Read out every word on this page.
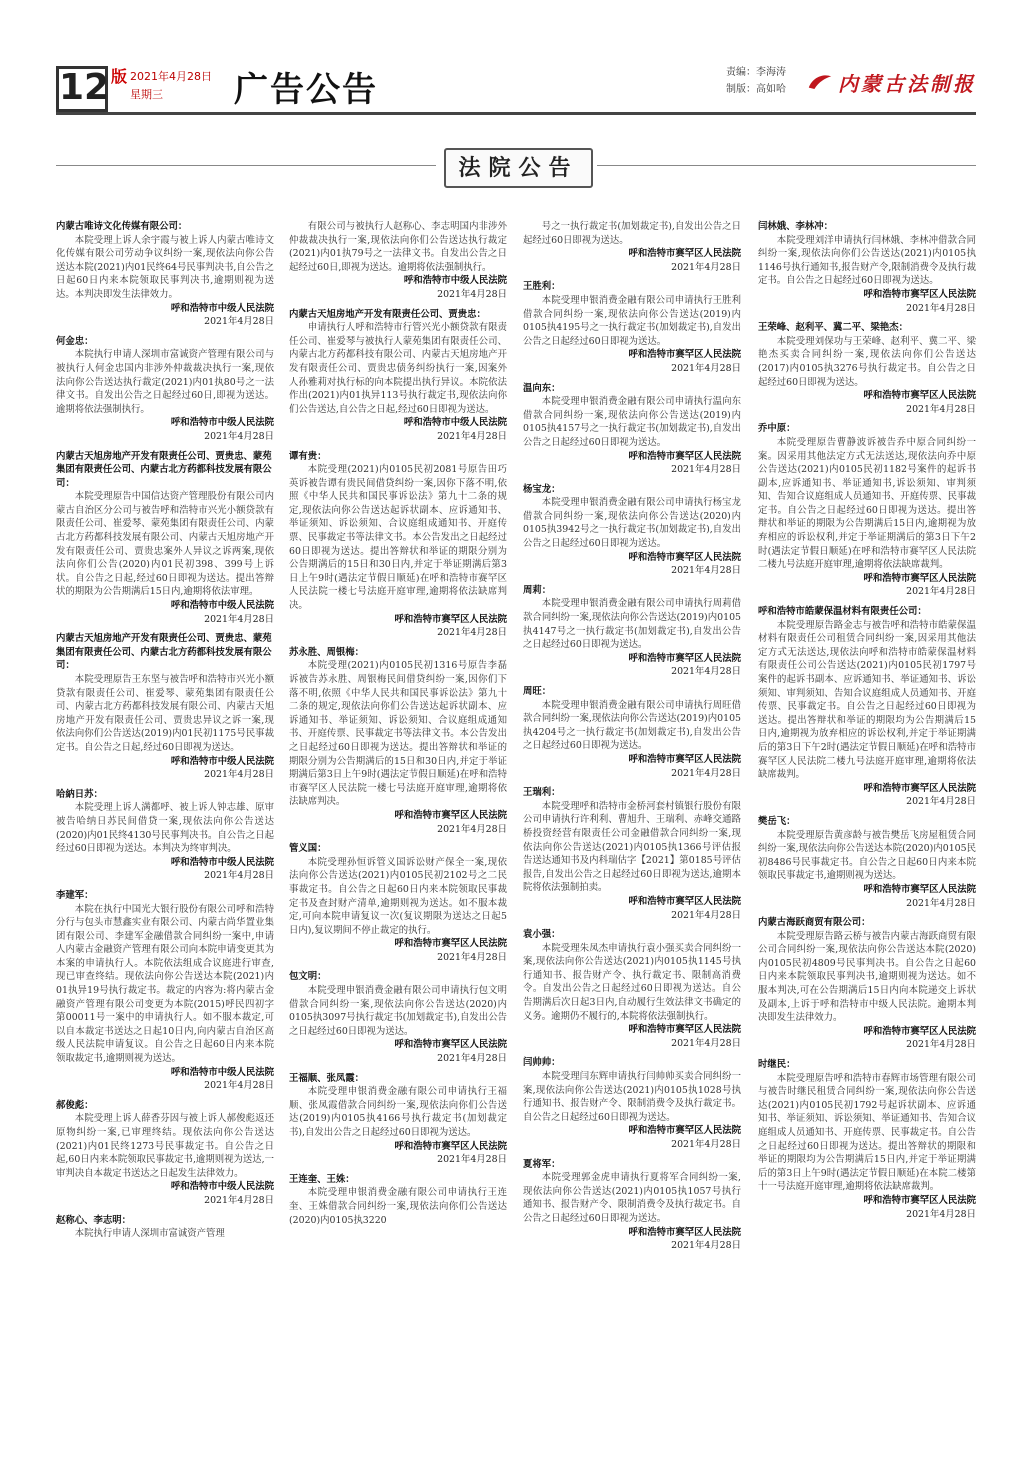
12 版 2021年4月28日
星期三	广告公告	责编：李海涛
制版：高如哈	内蒙古法制报
法院公告
内蒙古唯诗文化传媒有限公司：
本院受理上诉人余宇霞与被上诉人内蒙古唯诗文化传媒有限公司劳动争议纠纷一案,现依法向你公告送达本院(2021)内01民终64号民事判决书,自公告之日起60日内来本院领取民事判决书,逾期则视为送达。本判决即发生法律效力。
呼和浩特市中级人民法院
2021年4月28日
何金忠：
本院执行申请人深圳市富诚资产管理有限公司与被执行人何金忠国内非涉外仲裁裁决执行一案,现依法向你公告送达执行裁定(2021)内01执80号之一法律文书。自发出公告之日起经过60日,即视为送达。逾期将依法强制执行。
呼和浩特市中级人民法院
2021年4月28日
内蒙古天旭房地产开发有限责任公司、贾贵忠、蒙苑集团有限责任公司、内蒙古北方药都科技发展有限公司：
本院受理原告中国信达资产管理股份有限公司内蒙古自治区分公司与被告呼和浩特市兴光小额贷款有限责任公司、崔爱琴、蒙苑集团有限责任公司、内蒙古北方药都科技发展有限公司、内蒙古天旭房地产开发有限责任公司、贾贵忠案外人异议之诉两案,现依法向你们公告(2020)内01民初398、399号上诉状。自公告之日起,经过60日即视为送达。提出答辩状的期限为公告期满后15日内,逾期将依法审理。
呼和浩特市中级人民法院
2021年4月28日
内蒙古天旭房地产开发有限责任公司、贾贵忠、蒙苑集团有限责任公司、内蒙古北方药都科技发展有限公司：
本院受理原告王东坚与被告呼和浩特市兴光小额贷款有限责任公司、崔爱琴、蒙苑集团有限责任公司、内蒙古北方药都科技发展有限公司、内蒙古天旭房地产开发有限责任公司、贾贵忠异议之诉一案,现依法向你们公告送达(2019)内01民初1175号民事裁定书。自公告之日起,经过60日即视为送达。
呼和浩特市中级人民法院
2021年4月28日
哈納日苏：
本院受理上诉人满都呼、被上诉人钟志雄、原审被告哈纳日苏民间借贷一案,现依法向你公告送达(2020)内01民终4130号民事判决书。自公告之日起经过60日即视为送达。本判决为终审判决。
呼和浩特市中级人民法院
2021年4月28日
李建军：
本院在执行中国光大银行股份有限公司呼和浩特分行与包头市慧鑫实业有限公司、内蒙古尚华置业集团有限公司、李建军金融借款合同纠纷一案中,申请人内蒙古金融资产管理有限公司向本院申请变更其为本案的申请执行人。本院依法组成合议庭进行审查,现已审查终结。现依法向你公告送达本院(2021)内01执异19号执行裁定书。裁定的内容为:将内蒙古金融资产管理有限公司变更为本院(2015)呼民四初字第00011号一案中的申请执行人。如不服本裁定,可以自本裁定书送达之日起10日内,向内蒙古自治区高级人民法院申请复议。自公告之日起60日内来本院领取裁定书,逾期则视为送达。
呼和浩特市中级人民法院
2021年4月28日
郝俊彪：
本院受理上诉人薛香芬因与被上诉人郝俊彪返还原物纠纷一案,已审理终结。现依法向你公告送达(2021)内01民终1273号民事裁定书。自公告之日起,60日内来本院领取民事裁定书,逾期则视为送达,一审判决自本裁定书送达之日起发生法律效力。
呼和浩特市中级人民法院
2021年4月28日
赵称心、李志明：
本院执行申请人深圳市富诚资产管理
有限公司与被执行人赵称心、李志明国内非涉外仲裁裁决执行一案,现依法向你们公告送达执行裁定(2021)内01执79号之一法律文书。自发出公告之日起经过60日,即视为送达。逾期将依法强制执行。
呼和浩特市中级人民法院
2021年4月28日
内蒙古天旭房地产开发有限责任公司、贾贵忠：
申请执行人呼和浩特市行管兴光小额贷款有限责任公司、崔爱琴与被执行人蒙苑集团有限责任公司、内蒙古北方药都科技有限公司、内蒙古天旭房地产开发有限责任公司、贾贵忠债务纠纷执行一案,因案外人孙雅莉对执行标的向本院提出执行异议。本院依法作出(2021)内01执异113号执行裁定书,现依法向你们公告送达,自公告之日起,经过60日即视为送达。
呼和浩特市中级人民法院
2021年4月28日
谭有贵：
本院受理(2021)内0105民初2081号原告田巧英诉被告谭有贵民间借贷纠纷一案,因你下落不明,依照《中华人民共和国民事诉讼法》第九十二条的规定,现依法向你公告送达起诉状副本、应诉通知书、举证须知、诉讼须知、合议庭组成通知书、开庭传票、民事裁定书等法律文书。本公告发出之日起经过60日即视为送达。提出答辩状和举证的期限分别为公告期满后的15日和30日内,并定于举证期满后第3日上午9时(遇法定节假日顺延)在呼和浩特市赛罕区人民法院一楼七号法庭开庭审理,逾期将依法缺席判决。
呼和浩特市赛罕区人民法院
2021年4月28日
苏永胜、周银梅：
本院受理(2021)内0105民初1316号原告李磊诉被告苏永胜、周银梅民间借贷纠纷一案,因你们下落不明,依照《中华人民共和国民事诉讼法》第九十二条的规定,现依法向你们公告送达起诉状副本、应诉通知书、举证须知、诉讼须知、合议庭组成通知书、开庭传票、民事裁定书等法律文书。本公告发出之日起经过60日即视为送达。提出答辩状和举证的期限分别为公告期满后的15日和30日内,并定于举证期满后第3日上午9时(遇法定节假日顺延)在呼和浩特市赛罕区人民法院一楼七号法庭开庭审理,逾期将依法缺席判决。
呼和浩特市赛罕区人民法院
2021年4月28日
管义国：
本院受理孙恒诉管义国诉讼财产保全一案,现依法向你公告送达(2021)内0105民初2102号之二民事裁定书。自公告之日起60日内来本院领取民事裁定书及查封财产清单,逾期则视为送达。如不服本裁定,可向本院申请复议一次(复议期限为送达之日起5日内),复议期间不停止裁定的执行。
呼和浩特市赛罕区人民法院
2021年4月28日
包文明：
本院受理申银消费金融有限公司申请执行包文明借款合同纠纷一案,现依法向你公告送达(2020)内0105执3097号执行裁定书(加划裁定书),自发出公告之日起经过60日即视为送达。
呼和浩特市赛罕区人民法院
2021年4月28日
王福顺、张凤霞：
本院受理申银消费金融有限公司申请执行王福顺、张凤霞借款合同纠纷一案,现依法向你们公告送达(2019)内0105执4166号执行裁定书(加划裁定书),自发出公告之日起经过60日即视为送达。
呼和浩特市赛罕区人民法院
2021年4月28日
王连奎、王姝：
本院受理申银消费金融有限公司申请执行王连奎、王姝借款合同纠纷一案,现依法向你们公告送达(2020)内0105执3220
号之一执行裁定书(加划裁定书),自发出公告之日起经过60日即视为送达。
呼和浩特市赛罕区人民法院
2021年4月28日
王胜利：
本院受理申银消费金融有限公司申请执行王胜利借款合同纠纷一案,现依法向你公告送达(2019)内0105执4195号之一执行裁定书(加划裁定书),自发出公告之日起经过60日即视为送达。
呼和浩特市赛罕区人民法院
2021年4月28日
温向东：
本院受理申银消费金融有限公司申请执行温向东借款合同纠纷一案,现依法向你公告送达(2019)内0105执4157号之一执行裁定书(加划裁定书),自发出公告之日起经过60日即视为送达。
呼和浩特市赛罕区人民法院
2021年4月28日
杨宝龙：
本院受理申银消费金融有限公司申请执行杨宝龙借款合同纠纷一案,现依法向你公告送达(2020)内0105执3942号之一执行裁定书(加划裁定书),自发出公告之日起经过60日即视为送达。
呼和浩特市赛罕区人民法院
2021年4月28日
周莉：
本院受理申银消费金融有限公司申请执行周莉借款合同纠纷一案,现依法向你公告送达(2019)内0105执4147号之一执行裁定书(加划裁定书),自发出公告之日起经过60日即视为送达。
呼和浩特市赛罕区人民法院
2021年4月28日
周旺：
本院受理申银消费金融有限公司申请执行周旺借款合同纠纷一案,现依法向你公告送达(2019)内0105执4204号之一执行裁定书(加划裁定书),自发出公告之日起经过60日即视为送达。
呼和浩特市赛罕区人民法院
2021年4月28日
王瑞利：
本院受理呼和浩特市金桥河套村镇银行股份有限公司申请执行许利利、曹旭升、王瑞利、赤峰交通路桥投资经营有限责任公司金融借款合同纠纷一案,现依法向你公告送达(2021)内0105执1366号评估报告送达通知书及内科瑞估字【2021】第0185号评估报告,自发出公告之日起经过60日即视为送达,逾期本院将依法强制拍卖。
呼和浩特市赛罕区人民法院
2021年4月28日
袁小强：
本院受理朱凤杰申请执行袁小强买卖合同纠纷一案,现依法向你公告送达(2021)内0105执1145号执行通知书、报告财产令、执行裁定书、限制高消费令。自发出公告之日起经过60日即视为送达。自公告期满后次日起3日内,自动履行生效法律文书确定的义务。逾期仍不履行的,本院将依法强制执行。
呼和浩特市赛罕区人民法院
2021年4月28日
闫帅帅：
本院受理闫东辉申请执行闫帅帅买卖合同纠纷一案,现依法向你公告送达(2021)内0105执1028号执行通知书、报告财产令、限制消费令及执行裁定书。自公告之日起经过60日即视为送达。
呼和浩特市赛罕区人民法院
2021年4月28日
夏将军：
本院受理郭金虎申请执行夏将军合同纠纷一案,现依法向你公告送达(2021)内0105执1057号执行通知书、报告财产令、限制消费令及执行裁定书。自公告之日起经过60日即视为送达。
呼和浩特市赛罕区人民法院
2021年4月28日
闫林娥、李林冲：
本院受理刘洋申请执行闫林娥、李林冲借款合同纠纷一案,现依法向你们公告送达(2021)内0105执1146号执行通知书,报告财产令,限制消费令及执行裁定书。自公告之日起经过60日即视为送达。
呼和浩特市赛罕区人民法院
2021年4月28日
王荣峰、赵利平、冀二平、梁艳杰：
本院受理刘保功与王荣峰、赵利平、冀二平、梁艳杰买卖合同纠纷一案,现依法向你们公告送达(2017)内0105执3276号执行裁定书。自公告之日起经过60日即视为送达。
呼和浩特市赛罕区人民法院
2021年4月28日
乔中原：
本院受理原告曹静波诉被告乔中原合同纠纷一案。因采用其他法定方式无法送达,现依法向乔中原公告送达(2021)内0105民初1182号案件的起诉书副本,应诉通知书、举证通知书,诉讼须知、审判须知、告知合议庭组成人员通知书、开庭传票、民事裁定书。自公告之日起经过60日即视为送达。提出答辩状和举证的期限为公告期满后15日内,逾期视为放弃相应的诉讼权利,并定于举证期满后的第3日下午2时(遇法定节假日顺延)在呼和浩特市赛罕区人民法院二楼九号法庭开庭审理,逾期将依法缺席裁判。
呼和浩特市赛罕区人民法院
2021年4月28日
呼和浩特市皓蒙保温材料有限责任公司：
本院受理原告路金志与被告呼和浩特市皓蒙保温材料有限责任公司租赁合同纠纷一案,因采用其他法定方式无法送达,现依法向呼和浩特市皓蒙保温材料有限责任公司公告送达(2021)内0105民初1797号案件的起诉书副本、应诉通知书、举证通知书、诉讼须知、审判须知、告知合议庭组成人员通知书、开庭传票、民事裁定书。自公告之日起经过60日即视为送达。提出答辩状和举证的期限均为公告期满后15日内,逾期视为放弃相应的诉讼权利,并定于举证期满后的第3日下午2时(遇法定节假日顺延)在呼和浩特市赛罕区人民法院二楼九号法庭开庭审理,逾期将依法缺席裁判。
呼和浩特市赛罕区人民法院
2021年4月28日
樊岳飞：
本院受理原告黄彦龄与被告樊岳飞房屋租赁合同纠纷一案,现依法向你公告送达本院(2020)内0105民初8486号民事裁定书。自公告之日起60日内来本院领取民事裁定书,逾期则视为送达。
呼和浩特市赛罕区人民法院
2021年4月28日
内蒙古海跃商贸有限公司：
本院受理原告路云桥与被告内蒙古海跃商贸有限公司合同纠纷一案,现依法向你公告送达本院(2020)内0105民初4809号民事判决书。自公告之日起60日内来本院领取民事判决书,逾期则视为送达。如不服本判决,可在公告期满后15日内向本院递交上诉状及副本,上诉于呼和浩特市中级人民法院。逾期本判决即发生法律效力。
呼和浩特市赛罕区人民法院
2021年4月28日
时继民：
本院受理原告呼和浩特市春辉市场管理有限公司与被告时继民租赁合同纠纷一案,现依法向你公告送达(2021)内0105民初1792号起诉状副本、应诉通知书、举证须知、诉讼须知、举证通知书、告知合议庭组成人员通知书、开庭传票、民事裁定书。自公告之日起经过60日即视为送达。提出答辩状的期限和举证的期限均为公告期满后15日内,并定于举证期满后的第3日上午9时(遇法定节假日顺延)在本院二楼第十一号法庭开庭审理,逾期将依法缺席裁判。
呼和浩特市赛罕区人民法院
2021年4月28日
